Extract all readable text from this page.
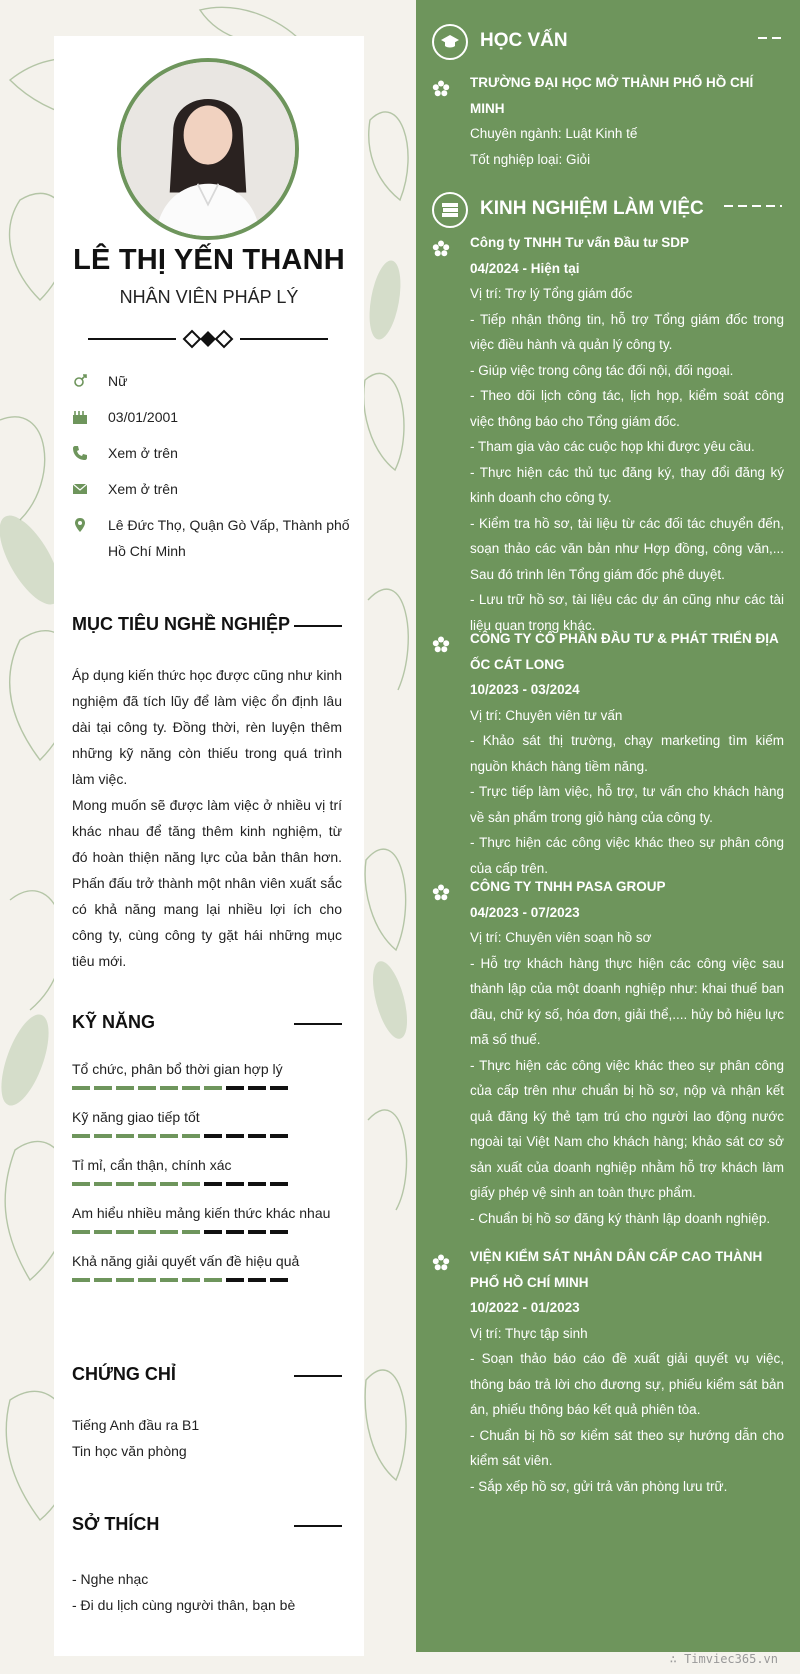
LÊ THỊ YẾN THANH
NHÂN VIÊN PHÁP LÝ
Nữ
03/01/2001
Xem ở trên
Xem ở trên
Lê Đức Thọ, Quận Gò Vấp, Thành phố Hồ Chí Minh
MỤC TIÊU NGHỀ NGHIỆP

Áp dụng kiến thức học được cũng như kinh nghiệm đã tích lũy để làm việc ổn định lâu dài tại công ty. Đồng thời, rèn luyện thêm những kỹ năng còn thiếu trong quá trình làm việc.

Mong muốn sẽ được làm việc ở nhiều vị trí khác nhau để tăng thêm kinh nghiệm, từ đó hoàn thiện năng lực của bản thân hơn. Phấn đấu trở thành một nhân viên xuất sắc có khả năng mang lại nhiều lợi ích cho công ty, cùng công ty gặt hái những mục tiêu mới.

KỸ NĂNG
Tổ chức, phân bổ thời gian hợp lý
Kỹ năng giao tiếp tốt
Tỉ mỉ, cẩn thận, chính xác
Am hiểu nhiều mảng kiến thức khác nhau
Khả năng giải quyết vấn đề hiệu quả
CHỨNG CHỈ
Tiếng Anh đầu ra B1
Tin học văn phòng
SỞ THÍCH
- Nghe nhạc
- Đi du lịch cùng người thân, bạn bè
HỌC VẤN
TRƯỜNG ĐẠI HỌC MỞ THÀNH PHỐ HỒ CHÍ MINH
Chuyên ngành: Luật Kinh tế
Tốt nghiệp loại: Giỏi
KINH NGHIỆM LÀM VIỆC
Công ty TNHH Tư vấn Đầu tư SDP
04/2024 - Hiện tại
Vị trí: Trợ lý Tổng giám đốc
- Tiếp nhận thông tin, hỗ trợ Tổng giám đốc trong việc điều hành và quản lý công ty.
- Giúp việc trong công tác đối nội, đối ngoại.
- Theo dõi lịch công tác, lịch họp, kiểm soát công việc thông báo cho Tổng giám đốc.
- Tham gia vào các cuộc họp khi được yêu cầu.
- Thực hiện các thủ tục đăng ký, thay đổi đăng ký kinh doanh cho công ty.
- Kiểm tra hồ sơ, tài liệu từ các đối tác chuyển đến, soạn thảo các văn bản như Hợp đồng, công văn,... Sau đó trình lên Tổng giám đốc phê duyệt.
- Lưu trữ hồ sơ, tài liệu các dự án cũng như các tài liệu quan trọng khác.
CÔNG TY CỔ PHẦN ĐẦU TƯ & PHÁT TRIỂN ĐỊA ỐC CÁT LONG
10/2023 - 03/2024
Vị trí: Chuyên viên tư vấn
- Khảo sát thị trường, chạy marketing tìm kiếm nguồn khách hàng tiềm năng.
- Trực tiếp làm việc, hỗ trợ, tư vấn cho khách hàng về sản phẩm trong giỏ hàng của công ty.
- Thực hiện các công việc khác theo sự phân công của cấp trên.
CÔNG TY TNHH PASA GROUP
04/2023 - 07/2023
Vị trí: Chuyên viên soạn hồ sơ
- Hỗ trợ khách hàng thực hiện các công việc sau thành lập của một doanh nghiệp như: khai thuế ban đầu, chữ ký số, hóa đơn, giải thể,.... hủy bỏ hiệu lực mã số thuế.
- Thực hiện các công việc khác theo sự phân công của cấp trên như chuẩn bị hồ sơ, nộp và nhận kết quả đăng ký thẻ tạm trú cho người lao động nước ngoài tại Việt Nam cho khách hàng; khảo sát cơ sở sản xuất của doanh nghiệp nhằm hỗ trợ khách làm giấy phép vệ sinh an toàn thực phẩm.
- Chuẩn bị hồ sơ đăng ký thành lập doanh nghiệp.
VIỆN KIỂM SÁT NHÂN DÂN CẤP CAO THÀNH PHỐ HỒ CHÍ MINH
10/2022 - 01/2023
Vị trí: Thực tập sinh
- Soạn thảo báo cáo đề xuất giải quyết vụ việc, thông báo trả lời cho đương sự, phiếu kiểm sát bản án, phiếu thông báo kết quả phiên tòa.
- Chuẩn bị hồ sơ kiểm sát theo sự hướng dẫn cho kiểm sát viên.
- Sắp xếp hồ sơ, gửi trả văn phòng lưu trữ.
∴ Timviec365.vn
